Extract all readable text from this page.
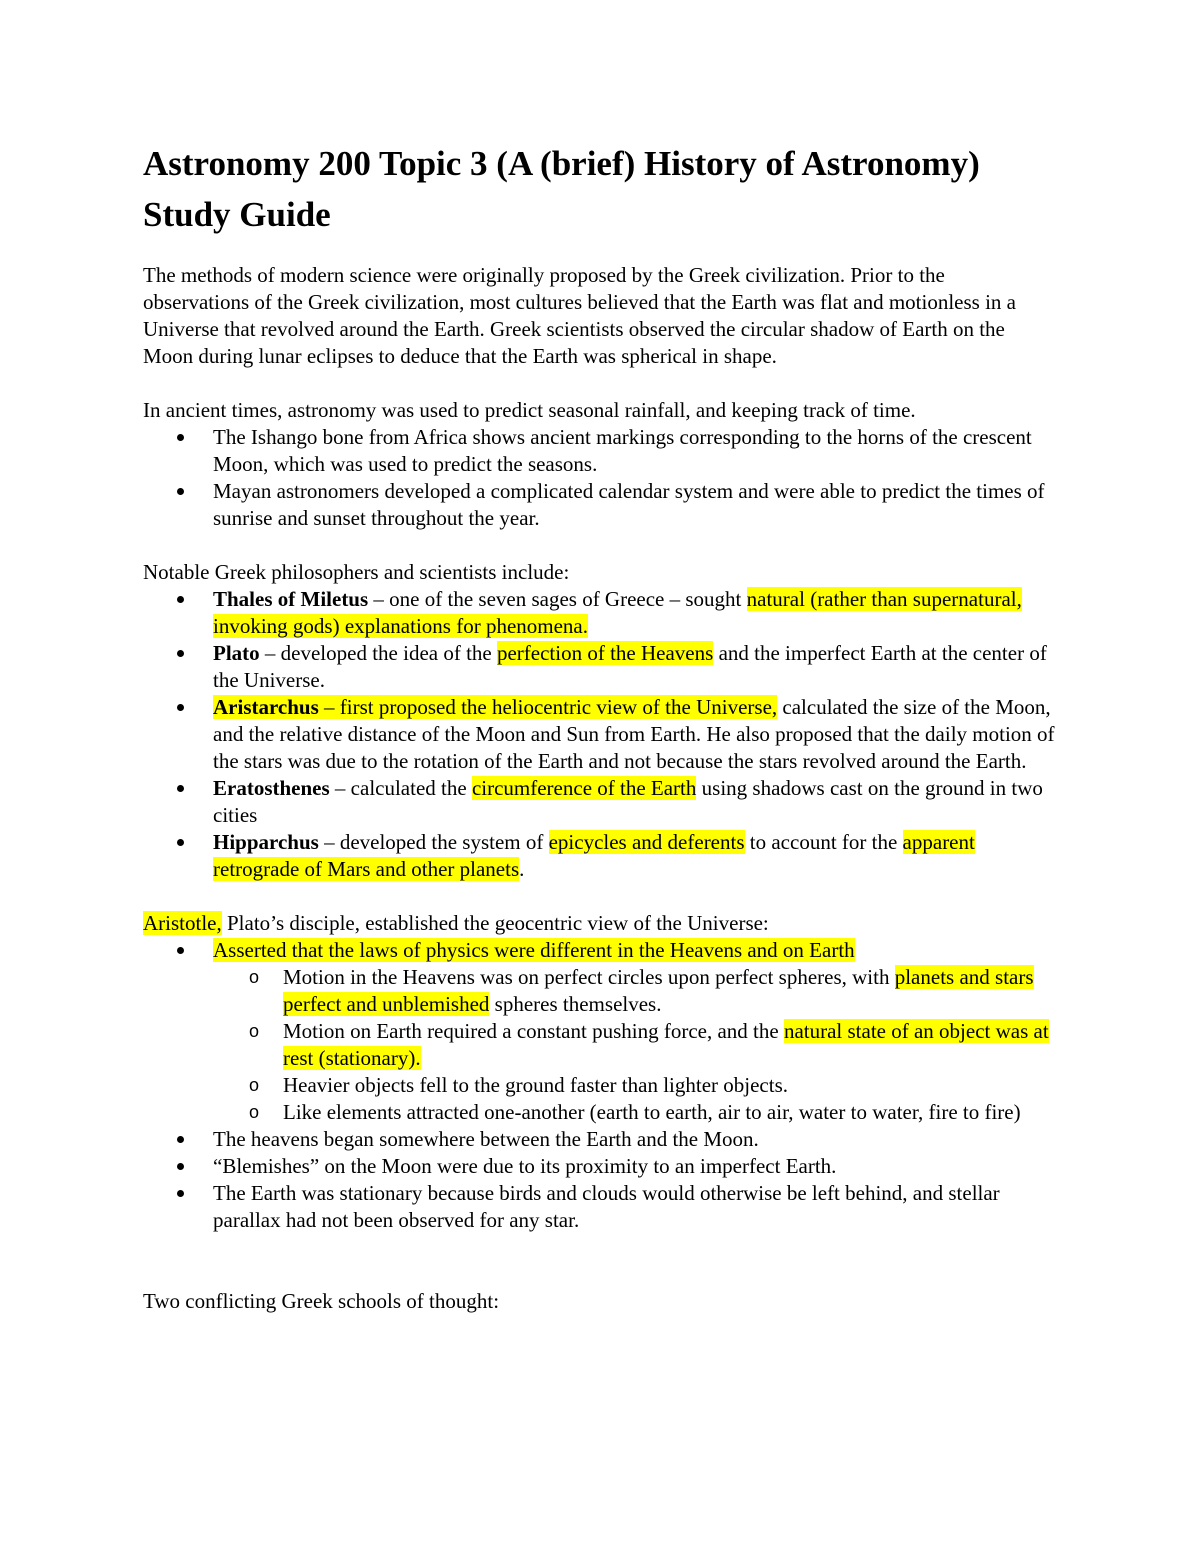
Astronomy 200 Topic 3 (A (brief) History of Astronomy) Study Guide

The methods of modern science were originally proposed by the Greek civilization. Prior to the observations of the Greek civilization, most cultures believed that the Earth was flat and motionless in a Universe that revolved around the Earth. Greek scientists observed the circular shadow of Earth on the Moon during lunar eclipses to deduce that the Earth was spherical in shape.

In ancient times, astronomy was used to predict seasonal rainfall, and keeping track of time.

The Ishango bone from Africa shows ancient markings corresponding to the horns of the crescent Moon, which was used to predict the seasons.
Mayan astronomers developed a complicated calendar system and were able to predict the times of sunrise and sunset throughout the year.

Notable Greek philosophers and scientists include:

Thales of Miletus – one of the seven sages of Greece – sought natural (rather than supernatural, invoking gods) explanations for phenomena.
Plato – developed the idea of the perfection of the Heavens and the imperfect Earth at the center of the Universe.
Aristarchus – first proposed the heliocentric view of the Universe, calculated the size of the Moon, and the relative distance of the Moon and Sun from Earth. He also proposed that the daily motion of the stars was due to the rotation of the Earth and not because the stars revolved around the Earth.
Eratosthenes – calculated the circumference of the Earth using shadows cast on the ground in two cities
Hipparchus – developed the system of epicycles and deferents to account for the apparent retrograde of Mars and other planets.

Aristotle, Plato’s disciple, established the geocentric view of the Universe:

Asserted that the laws of physics were different in the Heavens and on Earth
o Motion in the Heavens was on perfect circles upon perfect spheres, with planets and stars perfect and unblemished spheres themselves.
o Motion on Earth required a constant pushing force, and the natural state of an object was at rest (stationary).
o Heavier objects fell to the ground faster than lighter objects.
o Like elements attracted one-another (earth to earth, air to air, water to water, fire to fire)
The heavens began somewhere between the Earth and the Moon.
“Blemishes” on the Moon were due to its proximity to an imperfect Earth.
The Earth was stationary because birds and clouds would otherwise be left behind, and stellar parallax had not been observed for any star.

Two conflicting Greek schools of thought:
